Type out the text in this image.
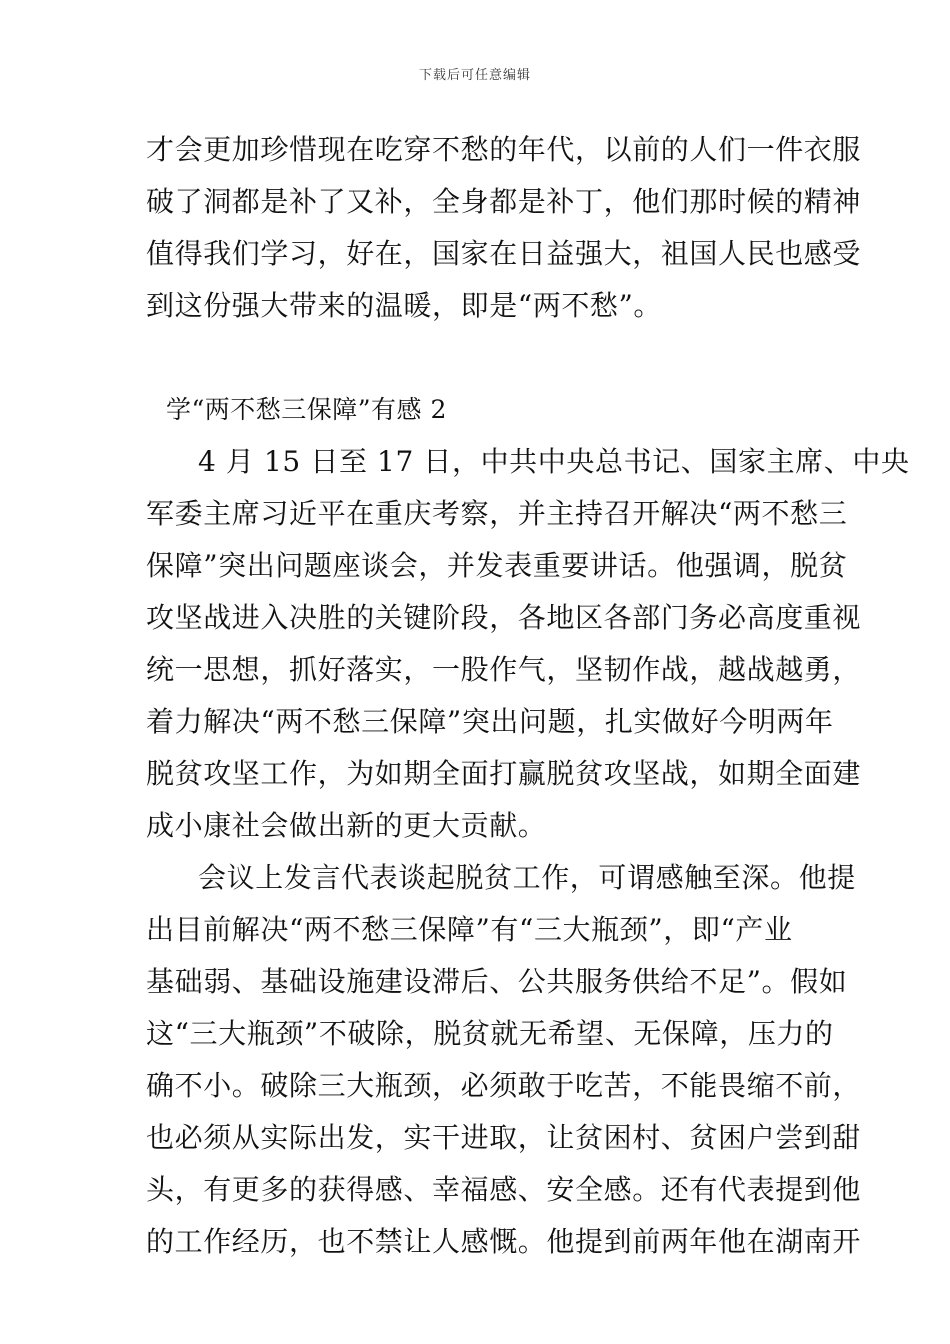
下载后可任意编辑
才会更加珍惜现在吃穿不愁的年代，以前的人们一件衣服
破了洞都是补了又补，全身都是补丁，他们那时候的精神
值得我们学习，好在，国家在日益强大，祖国人民也感受
到这份强大带来的温暖，即是“两不愁”。
学“两不愁三保障”有感 2
4 月 15 日至 17 日，中共中央总书记、国家主席、中央
军委主席习近平在重庆考察，并主持召开解决“两不愁三
保障”突出问题座谈会，并发表重要讲话。他强调，脱贫
攻坚战进入决胜的关键阶段，各地区各部门务必高度重视
统一思想，抓好落实，一股作气，坚韧作战，越战越勇，
着力解决“两不愁三保障”突出问题，扎实做好今明两年
脱贫攻坚工作，为如期全面打赢脱贫攻坚战，如期全面建
成小康社会做出新的更大贡献。
会议上发言代表谈起脱贫工作，可谓感触至深。他提
出目前解决“两不愁三保障”有“三大瓶颈”，即“产业
基础弱、基础设施建设滞后、公共服务供给不足”。假如
这“三大瓶颈”不破除，脱贫就无希望、无保障，压力的
确不小。破除三大瓶颈，必须敢于吃苦，不能畏缩不前，
也必须从实际出发，实干进取，让贫困村、贫困户尝到甜
头，有更多的获得感、幸福感、安全感。还有代表提到他
的工作经历，也不禁让人感慨。他提到前两年他在湖南开
